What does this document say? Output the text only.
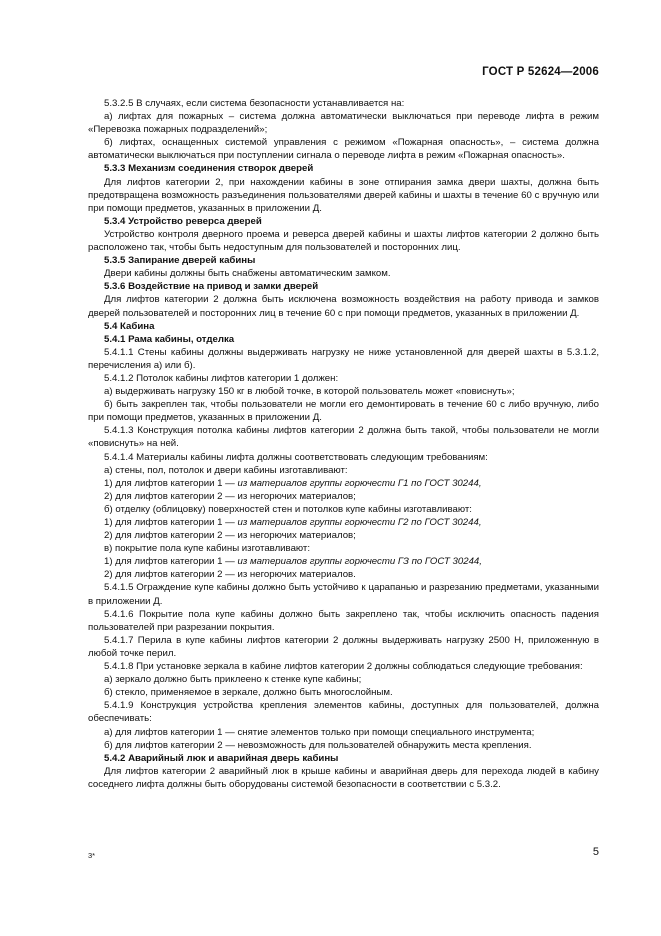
ГОСТ Р 52624—2006

5.3.2.5 В случаях, если система безопасности устанавливается на:

а) лифтах для пожарных – система должна автоматически выключаться при переводе лифта в режим «Перевозка пожарных подразделений»;

б) лифтах, оснащенных системой управления с режимом «Пожарная опасность», – система должна автоматически выключаться при поступлении сигнала о переводе лифта в режим «Пожарная опасность».

5.3.3 Механизм соединения створок дверей

Для лифтов категории 2, при нахождении кабины в зоне отпирания замка двери шахты, должна быть предотвращена возможность разъединения пользователями дверей кабины и шахты в течение 60 с вручную или при помощи предметов, указанных в приложении Д.

5.3.4 Устройство реверса дверей

Устройство контроля дверного проема и реверса дверей кабины и шахты лифтов категории 2 должно быть расположено так, чтобы быть недоступным для пользователей и посторонних лиц.

5.3.5 Запирание дверей кабины

Двери кабины должны быть снабжены автоматическим замком.

5.3.6 Воздействие на привод и замки дверей

Для лифтов категории 2 должна быть исключена возможность воздействия на работу привода и замков дверей пользователей и посторонних лиц в течение 60 с при помощи предметов, указанных в приложении Д.

5.4 Кабина

5.4.1 Рама кабины, отделка

5.4.1.1 Стены кабины должны выдерживать нагрузку не ниже установленной для дверей шахты в 5.3.1.2, перечисления а) или б).

5.4.1.2 Потолок кабины лифтов категории 1 должен:

а) выдерживать нагрузку 150 кг в любой точке, в которой пользователь может «повиснуть»;

б) быть закреплен так, чтобы пользователи не могли его демонтировать в течение 60 с либо вручную, либо при помощи предметов, указанных в приложении Д.

5.4.1.3 Конструкция потолка кабины лифтов категории 2 должна быть такой, чтобы пользователи не могли «повиснуть» на ней.

5.4.1.4 Материалы кабины лифта должны соответствовать следующим требованиям:

а) стены, пол, потолок и двери кабины изготавливают:

1) для лифтов категории 1 — из материалов группы горючести Г1 по ГОСТ 30244,

2) для лифтов категории 2 — из негорючих материалов;

б) отделку (облицовку) поверхностей стен и потолков купе кабины изготавливают:

1) для лифтов категории 1 — из материалов группы горючести Г2 по ГОСТ 30244,

2) для лифтов категории 2 — из негорючих материалов;

в) покрытие пола купе кабины изготавливают:

1) для лифтов категории 1 — из материалов группы горючести ГЗ по ГОСТ 30244,

2) для лифтов категории 2 — из негорючих материалов.

5.4.1.5 Ограждение купе кабины должно быть устойчиво к царапанью и разрезанию предметами, указанными в приложении Д.

5.4.1.6 Покрытие пола купе кабины должно быть закреплено так, чтобы исключить опасность падения пользователей при разрезании покрытия.

5.4.1.7 Перила в купе кабины лифтов категории 2 должны выдерживать нагрузку 2500 Н, приложенную в любой точке перил.

5.4.1.8 При установке зеркала в кабине лифтов категории 2 должны соблюдаться следующие требования:

а) зеркало должно быть приклеено к стенке купе кабины;

б) стекло, применяемое в зеркале, должно быть многослойным.

5.4.1.9 Конструкция устройства крепления элементов кабины, доступных для пользователей, должна обеспечивать:

а) для лифтов категории 1 — снятие элементов только при помощи специального инструмента;

б) для лифтов категории 2 — невозможность для пользователей обнаружить места крепления.

5.4.2 Аварийный люк и аварийная дверь кабины

Для лифтов категории 2 аварийный люк в крыше кабины и аварийная дверь для перехода людей в кабину соседнего лифта должны быть оборудованы системой безопасности в соответствии с 5.3.2.

3*	5
